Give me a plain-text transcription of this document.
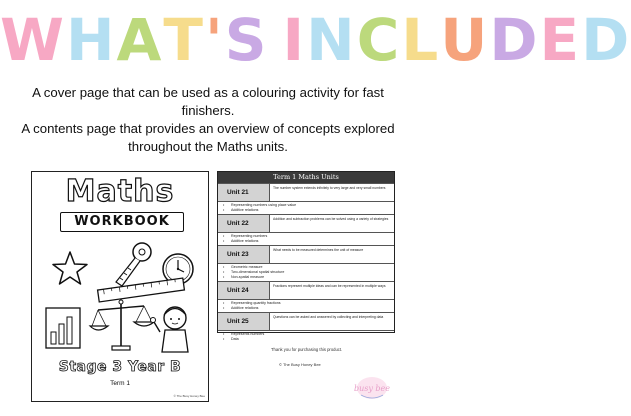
WHAT'S INCLUDED

A cover page that can be used as a colouring activity for fast finishers.

A contents page that provides an overview of concepts explored throughout the Maths units.

Maths
WORKBOOK
Stage 3 Year B
Term 1
© The Busy Honey Bee
Term 1 Maths Units
Unit 21
The number system extends infinitely to very large and very small numbers
• Representing numbers using place value
• Additive relations
Unit 22
Addition and subtraction problems can be solved using a variety of strategies
• Representing numbers
• Additive relations
Unit 23
What needs to be measured determines the unit of measure
• Geometric measure
• Two-dimensional spatial structure
• Non-spatial measure
Unit 24
Fractions represent multiple ideas and can be represented in multiple ways
• Representing quantity fractions
• Additive relations
Unit 25
Questions can be asked and answered by collecting and interpreting data
• Represents numbers
• Data
Thank you for purchasing this product.
© The Busy Honey Bee
busy bee
